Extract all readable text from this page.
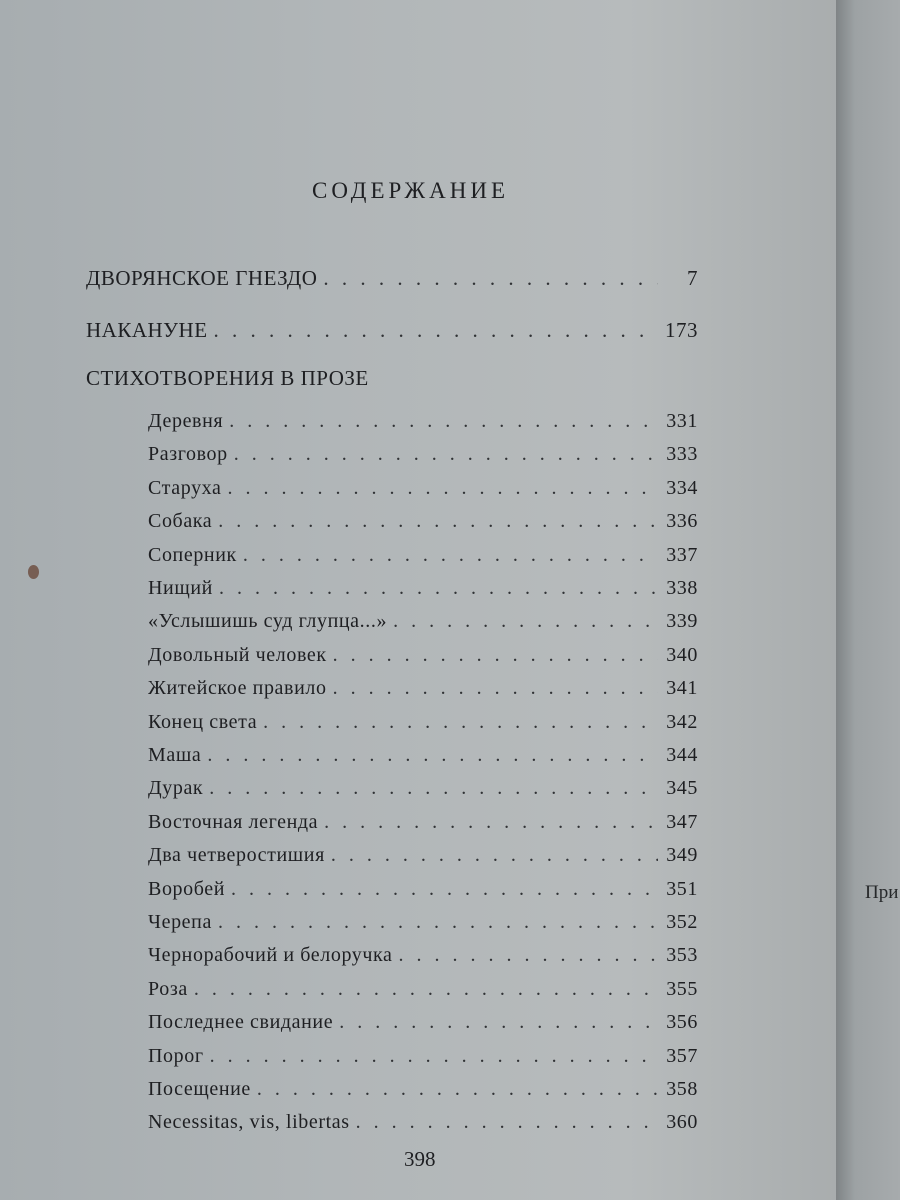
СОДЕРЖАНИЕ
ДВОРЯНСКОЕ ГНЕЗДО . . .	7
НАКАНУНЕ . . .	173
СТИХОТВОРЕНИЯ В ПРОЗЕ
Деревня . . .	331
Разговор . . .	333
Старуха . . .	334
Собака . . .	336
Соперник . . .	337
Нищий . . .	338
«Услышишь суд глупца...» . . .	339
Довольный человек . . .	340
Житейское правило . . .	341
Конец света . . .	342
Маша . . .	344
Дурак . . .	345
Восточная легенда . . .	347
Два четверостишия . . .	349
Воробей . . .	351
Черепа . . .	352
Чернорабочий и белоручка . . .	353
Роза . . .	355
Последнее свидание . . .	356
Порог . . .	357
Посещение . . .	358
Necessitas, vis, libertas . . .	360
398
При
